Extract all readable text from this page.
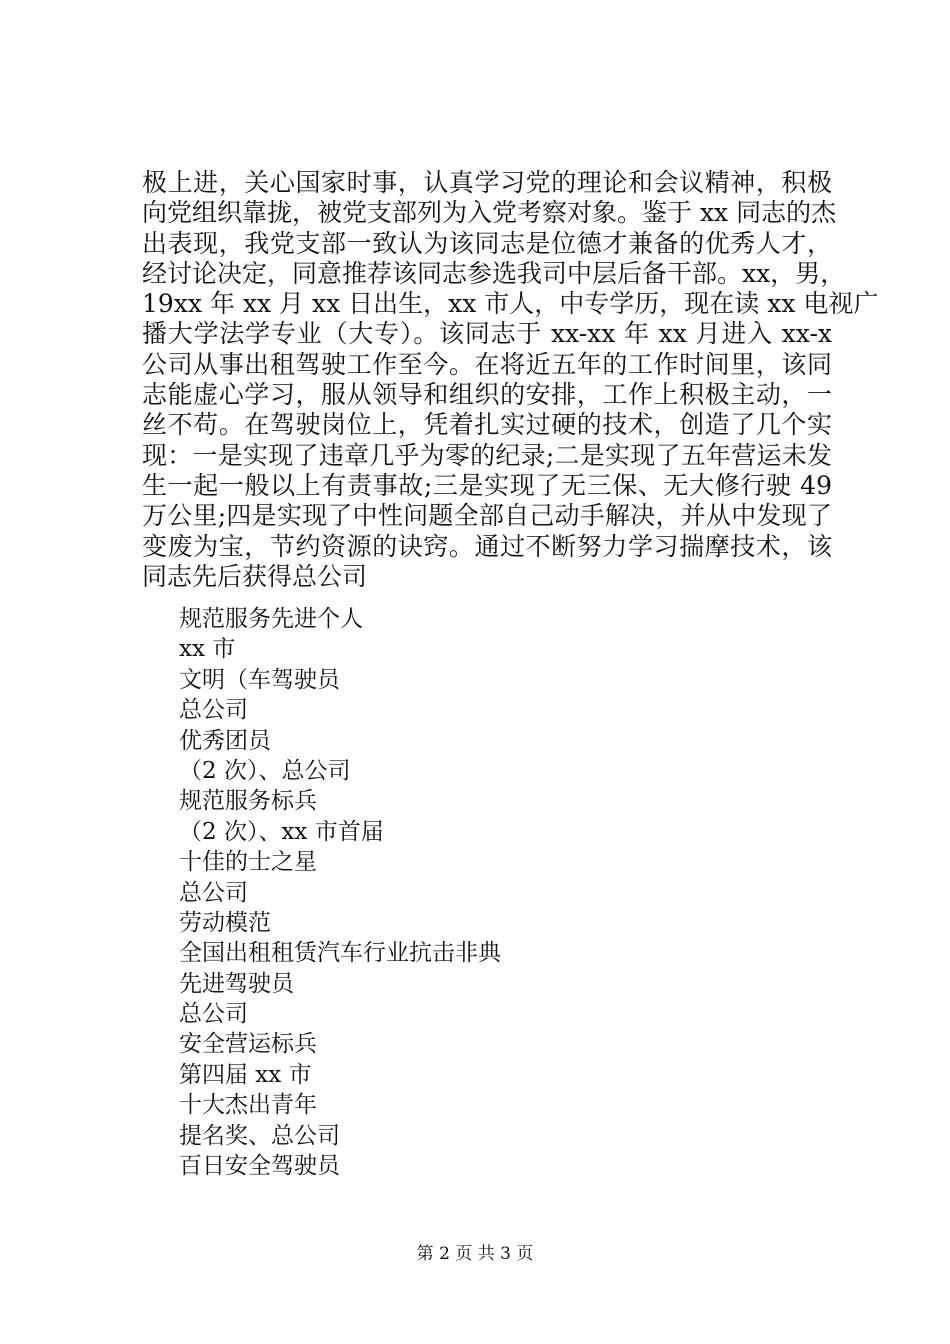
极上进，关心国家时事，认真学习党的理论和会议精神，积极
向党组织靠拢，被党支部列为入党考察对象。鉴于 xx 同志的杰
出表现，我党支部一致认为该同志是位德才兼备的优秀人才，
经讨论决定，同意推荐该同志参选我司中层后备干部。xx，男，
19xx 年 xx 月 xx 日出生，xx 市人，中专学历，现在读 xx 电视广
播大学法学专业（大专）。该同志于 xx-xx 年 xx 月进入 xx-x
公司从事出租驾驶工作至今。在将近五年的工作时间里，该同
志能虚心学习，服从领导和组织的安排，工作上积极主动，一
丝不苟。在驾驶岗位上，凭着扎实过硬的技术，创造了几个实
现：一是实现了违章几乎为零的纪录;二是实现了五年营运未发
生一起一般以上有责事故;三是实现了无三保、无大修行驶 49
万公里;四是实现了中性问题全部自己动手解决，并从中发现了
变废为宝，节约资源的诀窍。通过不断努力学习揣摩技术，该
同志先后获得总公司
规范服务先进个人
xx 市
文明（车驾驶员
总公司
优秀团员
（2 次）、总公司
规范服务标兵
（2 次）、xx 市首届
十佳的士之星
总公司
劳动模范
全国出租租赁汽车行业抗击非典
先进驾驶员
总公司
安全营运标兵
第四届 xx 市
十大杰出青年
提名奖、总公司
百日安全驾驶员
第 2 页 共 3 页
